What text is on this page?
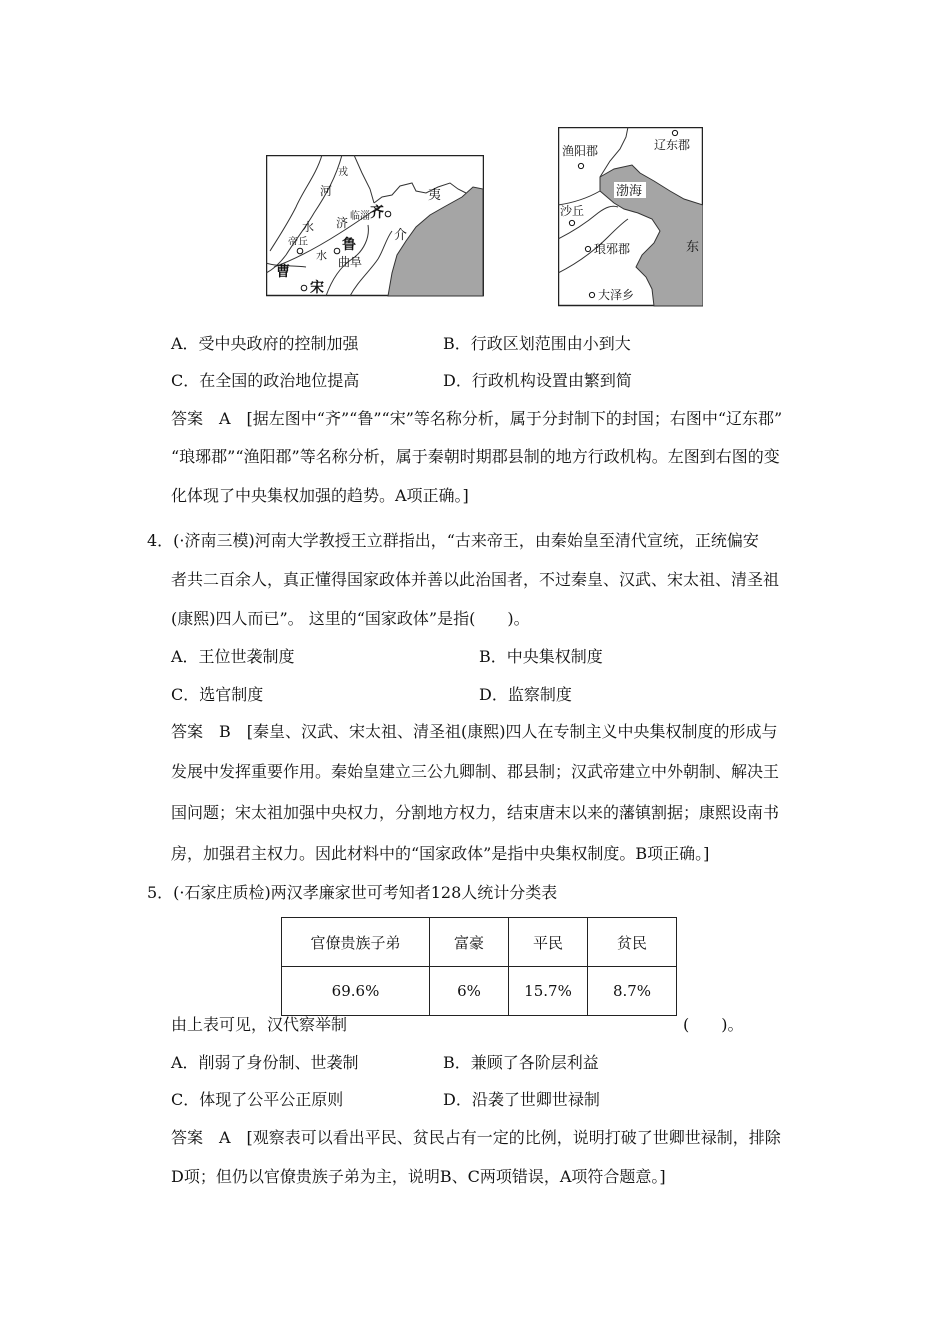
戎
河
水 济
水
帝丘
临淄 齐
鲁
曲阜
夷
介
曹
宋
渔阳郡	辽东郡
渤海
沙丘
琅邪郡	东
大泽乡
A．受中央政府的控制加强	B．行政区划范围由小到大
C．在全国的政治地位提高	D．行政机构设置由繁到简
答案　A　[据左图中“齐”“鲁”“宋”等名称分析，属于分封制下的封国；右图中“辽东郡”
“琅琊郡”“渔阳郡”等名称分析，属于秦朝时期郡县制的地方行政机构。左图到右图的变
化体现了中央集权加强的趋势。A项正确。]
4．(·济南三模)河南大学教授王立群指出，“古来帝王，由秦始皇至清代宣统，正统偏安
者共二百余人，真正懂得国家政体并善以此治国者，不过秦皇、汉武、宋太祖、清圣祖
(康熙)四人而已”。 这里的“国家政体”是指(　　)。
A．王位世袭制度	B．中央集权制度
C．选官制度	D．监察制度
答案　B　[秦皇、汉武、宋太祖、清圣祖(康熙)四人在专制主义中央集权制度的形成与
发展中发挥重要作用。秦始皇建立三公九卿制、郡县制；汉武帝建立中外朝制、解决王
国问题；宋太祖加强中央权力，分割地方权力，结束唐末以来的藩镇割据；康熙设南书
房，加强君主权力。因此材料中的“国家政体”是指中央集权制度。B项正确。]
5．(·石家庄质检)两汉孝廉家世可考知者128人统计分类表
官僚贵族子弟	富豪	平民	贫民
69.6%	6%	15.7%	8.7%
由上表可见，汉代察举制	(　　)。
A．削弱了身份制、世袭制	B．兼顾了各阶层利益
C．体现了公平公正原则	D．沿袭了世卿世禄制
答案　A　[观察表可以看出平民、贫民占有一定的比例，说明打破了世卿世禄制，排除
D项；但仍以官僚贵族子弟为主，说明B、C两项错误，A项符合题意。]
